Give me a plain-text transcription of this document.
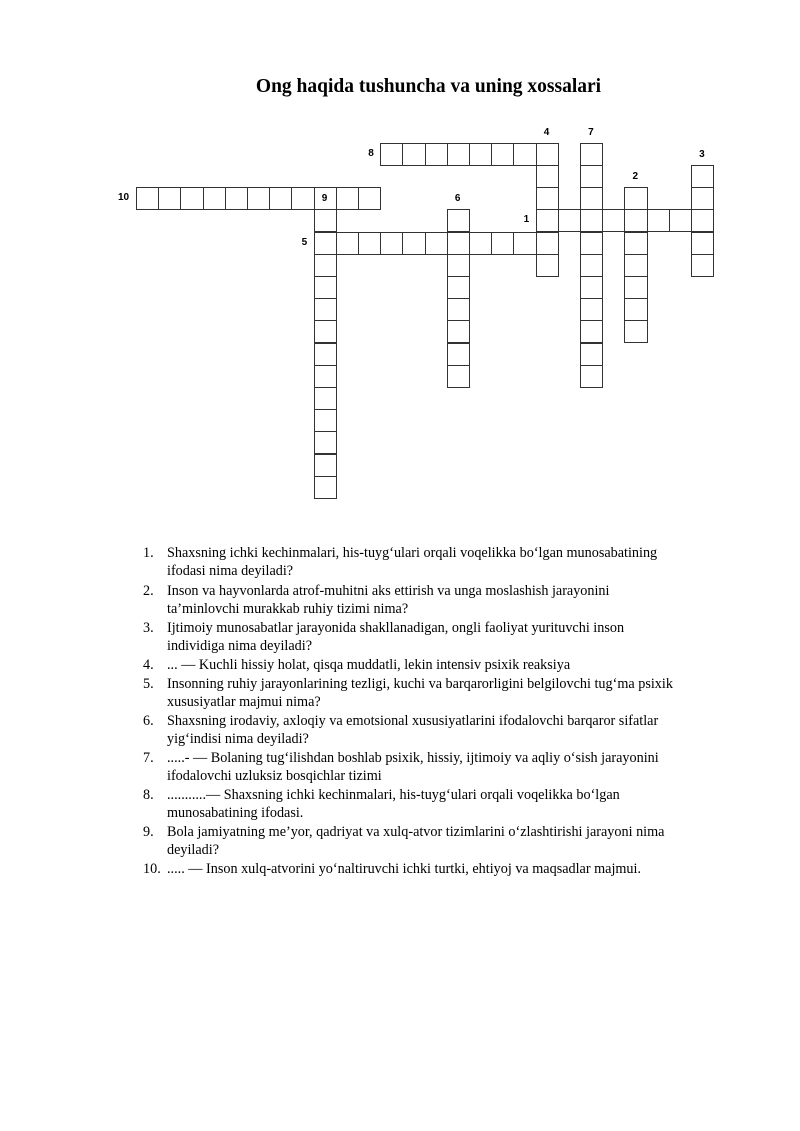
Ong haqida tushuncha va uning xossalari
1
2
3
4
5
6
7
8
9
10
1. Shaxsning ichki kechinmalari, his-tuyg‘ulari orqali voqelikka bo‘lgan munosabatining
ifodasi nima deyiladi?
2. Inson va hayvonlarda atrof-muhitni aks ettirish va unga moslashish jarayonini
ta’minlovchi murakkab ruhiy tizimi nima?
3. Ijtimoiy munosabatlar jarayonida shakllanadigan, ongli faoliyat yurituvchi inson
individiga nima deyiladi?
4. ... — Kuchli hissiy holat, qisqa muddatli, lekin intensiv psixik reaksiya
5. Insonning ruhiy jarayonlarining tezligi, kuchi va barqarorligini belgilovchi tug‘ma psixik
xususiyatlar majmui nima?
6. Shaxsning irodaviy, axloqiy va emotsional xususiyatlarini ifodalovchi barqaror sifatlar
yig‘indisi nima deyiladi?
7. .....- — Bolaning tug‘ilishdan boshlab psixik, hissiy, ijtimoiy va aqliy o‘sish jarayonini
ifodalovchi uzluksiz bosqichlar tizimi
8. ...........— Shaxsning ichki kechinmalari, his-tuyg‘ulari orqali voqelikka bo‘lgan
munosabatining ifodasi.
9. Bola jamiyatning me’yor, qadriyat va xulq-atvor tizimlarini o‘zlashtirishi jarayoni nima
deyiladi?
10. ..... — Inson xulq-atvorini yo‘naltiruvchi ichki turtki, ehtiyoj va maqsadlar majmui.
